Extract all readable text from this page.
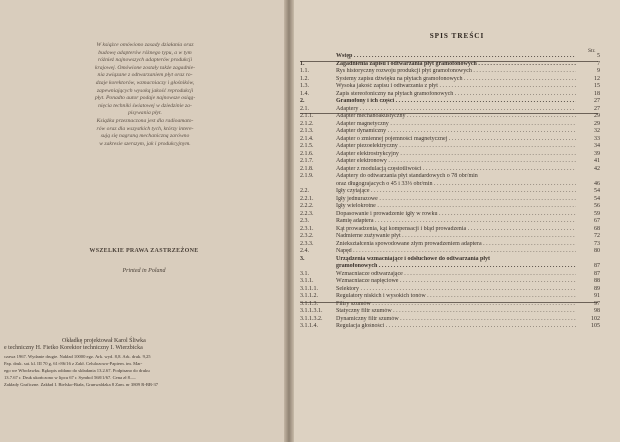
W książce omówiono zasady działania oraz
budowę adapterów różnego typu, a w tym
różnież najnowszych adapterów produkcji
krajowej. Omówione zostały także zagadnie-
nia związane z odtwarzaniem płyt oraz ro-
dzaje korektorów, wzmacniaczy i głośników,
zapewniających wysoką jakość reprodukcji
płyt. Ponadto autor podaje najnowsze osiąg-
nięcia techniki światowej w dziedzinie za-
pisywania płyt.
Książka przeznaczona jest dla radioamato-
rów oraz dla wszystkich tych, którzy intere-
sują się nagraną mechaniczną zarówno
w zakresie szerszym, jak i produkcyjnym.
WSZELKIE PRAWA ZASTRZEŻONE
Printed in Poland
Okładkę projektował Karol Śliwka
e techniczny H. Fietko Korektor techniczny I. Wierzbicka
czawa 1967. Wydanie drugie. Nakład 10000 egz. Ark. wyd. 8,8. Ark. druk. 9,25
Pap. druk. sat. kl. III 70 g, 61×86/16 z Zakł. Celulozowo-Papiern. im. Mar-
ego we Włocławku. Rękopis oddano do składania 13.2.67. Podpisano do druku
13.7.67 r. Druk ukończono w lipcu 67 r. Symbol 568/1/67. Cena zł 8.—
Zakłady Graficzne. Zakład I. Bielsko-Biała, Grunwaldzka 8 Zam. nr 3809 R-BB-37
SPIS TREŚCI
Str.
Wstęp . . .	5
1.	Zagadnienia zapisu i odtwarzania płyt gramofonowych . . .	7
1.1.	Rys historyczny rozwoju produkcji płyt gramofonowych . . .	9
1.2.	Systemy zapisu dźwięku na płytach gramofonowych . . .	12
1.3.	Wysoka jakość zapisu i odtwarzania z płyt . . .	15
1.4.	Zapis stereofoniczny na płytach gramofonowych . . .	18
2.	Gramofony i ich części . . .	27
2.1.	Adaptery . . .	27
2.1.1.	Adapter mechanoakustyczny . . .	29
2.1.2.	Adapter magnetyczny . . .	29
2.1.3.	Adapter dynamiczny . . .	32
2.1.4.	Adapter o zmiennej pojemności magnetycznej . . .	33
2.1.5.	Adapter piezoelektryczny . . .	34
2.1.6.	Adapter elektrostrykcyjny . . .	39
2.1.7.	Adapter elektronowy . . .	41
2.1.8.	Adapter z modulacją częstotliwości . . .	42
2.1.9.	Adaptery do odtwarzania płyt standardowych o 78 obr/min
oraz długograjacych o 45 i 33⅓ obr/min . . .	46
2.2.	Igły czytające . . .	54
2.2.1.	Igły jednurazowe . . .	54
2.2.2.	Igły wielokrotne . . .	56
2.2.3.	Dopasowanie i prowadzenie igły w rowku . . .	59
2.3.	Ramię adaptera . . .	67
2.3.1.	Kąt prowadzenia, kąt kompensacji i błąd prowadzenia . . .	68
2.3.2.	Nadmierne zużywanie płyt . . .	72
2.3.3.	Zniekształcenia spowodowane złym prowadzeniem adaptera . . .	73
2.4.	Napęd . . .	80
3.	Urządzenia wzmacniające i odsłuchowe do odtwarzania płyt
gramofonowych . . .	87
3.1.	Wzmacniacze odtwarzające . . .	87
3.1.1.	Wzmacniacze napięciowe . . .	88
3.1.1.1.	Selektory . . .	89
3.1.1.2.	Regulatory niskich i wysokich tonów . . .	91
3.1.1.3.	Filtry szumów . . .	97
3.1.1.3.1. Statyczny filtr szumów . . .	98
3.1.1.3.2. Dynamiczny filtr szumów . . .	102
3.1.1.4.	Regulacja głośności . . .	105
